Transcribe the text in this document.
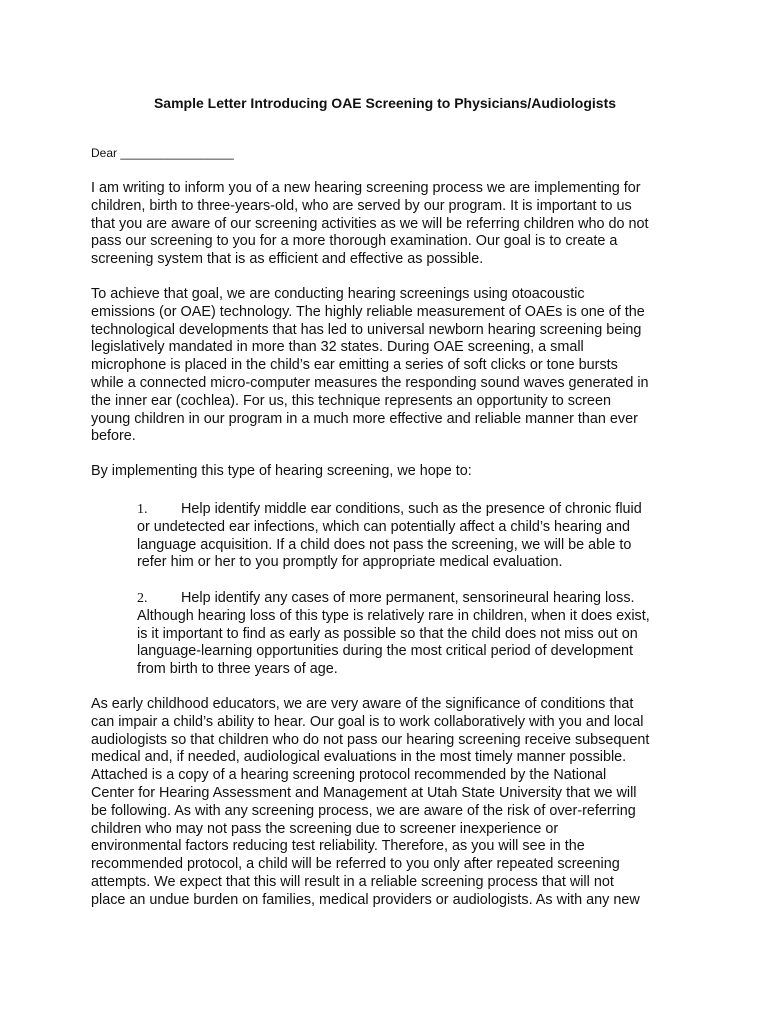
Sample Letter Introducing OAE Screening to Physicians/Audiologists
Dear _________________

I am writing to inform you of a new hearing screening process we are implementing for
children, birth to three-years-old, who are served by our program. It is important to us
that you are aware of our screening activities as we will be referring children who do not
pass our screening to you for a more thorough examination. Our goal is to create a
screening system that is as efficient and effective as possible.

To achieve that goal, we are conducting hearing screenings using otoacoustic
emissions (or OAE) technology. The highly reliable measurement of OAEs is one of the
technological developments that has led to universal newborn hearing screening being
legislatively mandated in more than 32 states. During OAE screening, a small
microphone is placed in the child’s ear emitting a series of soft clicks or tone bursts
while a connected micro-computer measures the responding sound waves generated in
the inner ear (cochlea). For us, this technique represents an opportunity to screen
young children in our program in a much more effective and reliable manner than ever
before.

By implementing this type of hearing screening, we hope to:

1. Help identify middle ear conditions, such as the presence of chronic fluid
or undetected ear infections, which can potentially affect a child’s hearing and
language acquisition. If a child does not pass the screening, we will be able to
refer him or her to you promptly for appropriate medical evaluation.

2. Help identify any cases of more permanent, sensorineural hearing loss.
Although hearing loss of this type is relatively rare in children, when it does exist,
is it important to find as early as possible so that the child does not miss out on
language-learning opportunities during the most critical period of development
from birth to three years of age.

As early childhood educators, we are very aware of the significance of conditions that
can impair a child’s ability to hear. Our goal is to work collaboratively with you and local
audiologists so that children who do not pass our hearing screening receive subsequent
medical and, if needed, audiological evaluations in the most timely manner possible.
Attached is a copy of a hearing screening protocol recommended by the National
Center for Hearing Assessment and Management at Utah State University that we will
be following. As with any screening process, we are aware of the risk of over-referring
children who may not pass the screening due to screener inexperience or
environmental factors reducing test reliability. Therefore, as you will see in the
recommended protocol, a child will be referred to you only after repeated screening
attempts. We expect that this will result in a reliable screening process that will not
place an undue burden on families, medical providers or audiologists. As with any new
